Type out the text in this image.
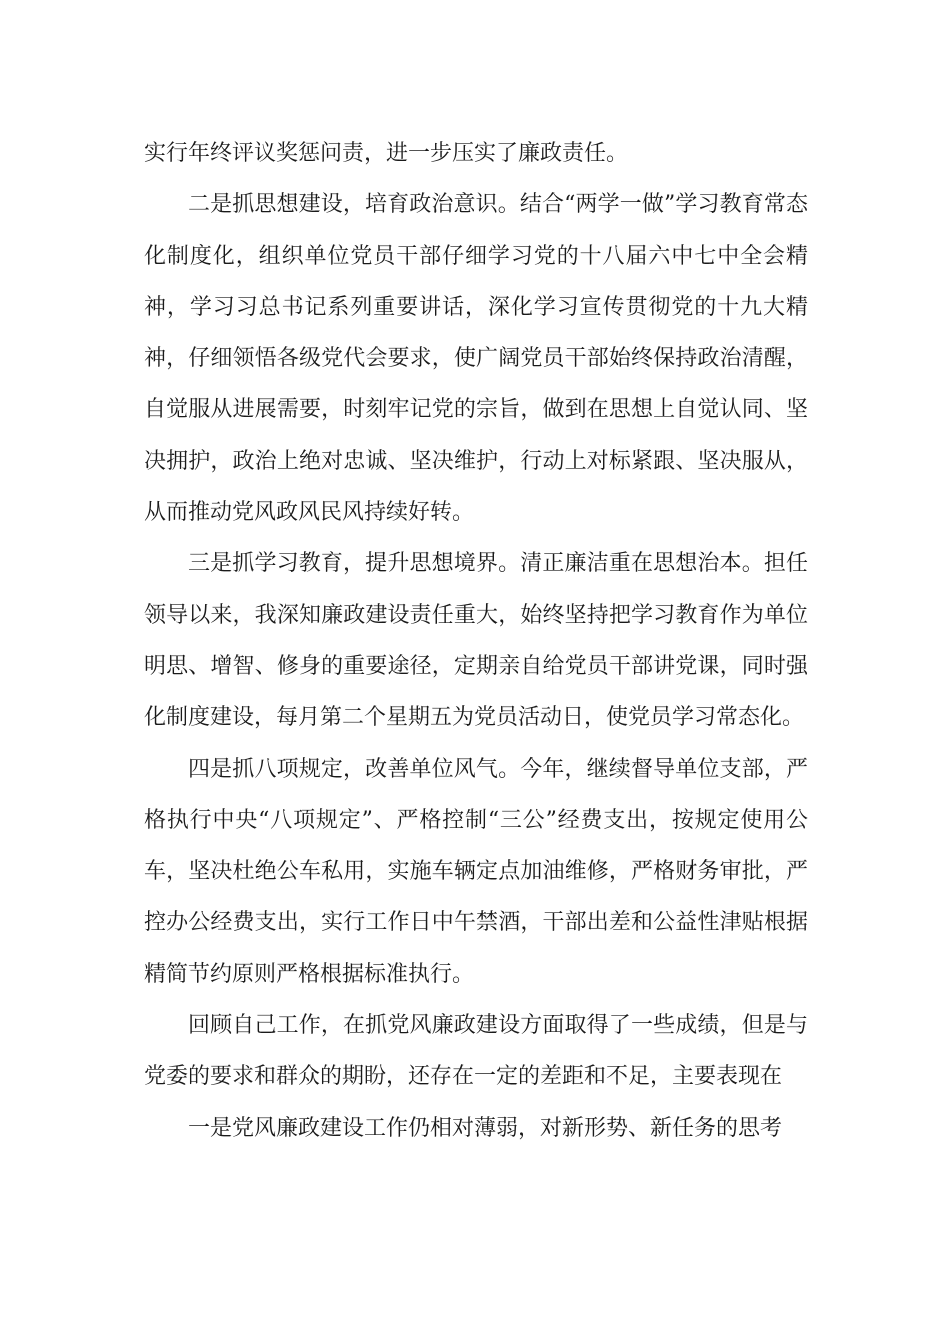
实行年终评议奖惩问责，进一步压实了廉政责任。

二是抓思想建设，培育政治意识。结合“两学一做”学习教育常态化制度化，组织单位党员干部仔细学习党的十八届六中七中全会精神，学习习总书记系列重要讲话，深化学习宣传贯彻党的十九大精神，仔细领悟各级党代会要求，使广阔党员干部始终保持政治清醒，自觉服从进展需要，时刻牢记党的宗旨，做到在思想上自觉认同、坚决拥护，政治上绝对忠诚、坚决维护，行动上对标紧跟、坚决服从，从而推动党风政风民风持续好转。

三是抓学习教育，提升思想境界。清正廉洁重在思想治本。担任领导以来，我深知廉政建设责任重大，始终坚持把学习教育作为单位明思、增智、修身的重要途径，定期亲自给党员干部讲党课，同时强化制度建设，每月第二个星期五为党员活动日，使党员学习常态化。

四是抓八项规定，改善单位风气。今年，继续督导单位支部，严格执行中央“八项规定”、严格控制“三公”经费支出，按规定使用公车，坚决杜绝公车私用，实施车辆定点加油维修，严格财务审批，严控办公经费支出，实行工作日中午禁酒，干部出差和公益性津贴根据精简节约原则严格根据标准执行。

回顾自己工作，在抓党风廉政建设方面取得了一些成绩，但是与党委的要求和群众的期盼，还存在一定的差距和不足，主要表现在

一是党风廉政建设工作仍相对薄弱，对新形势、新任务的思考
